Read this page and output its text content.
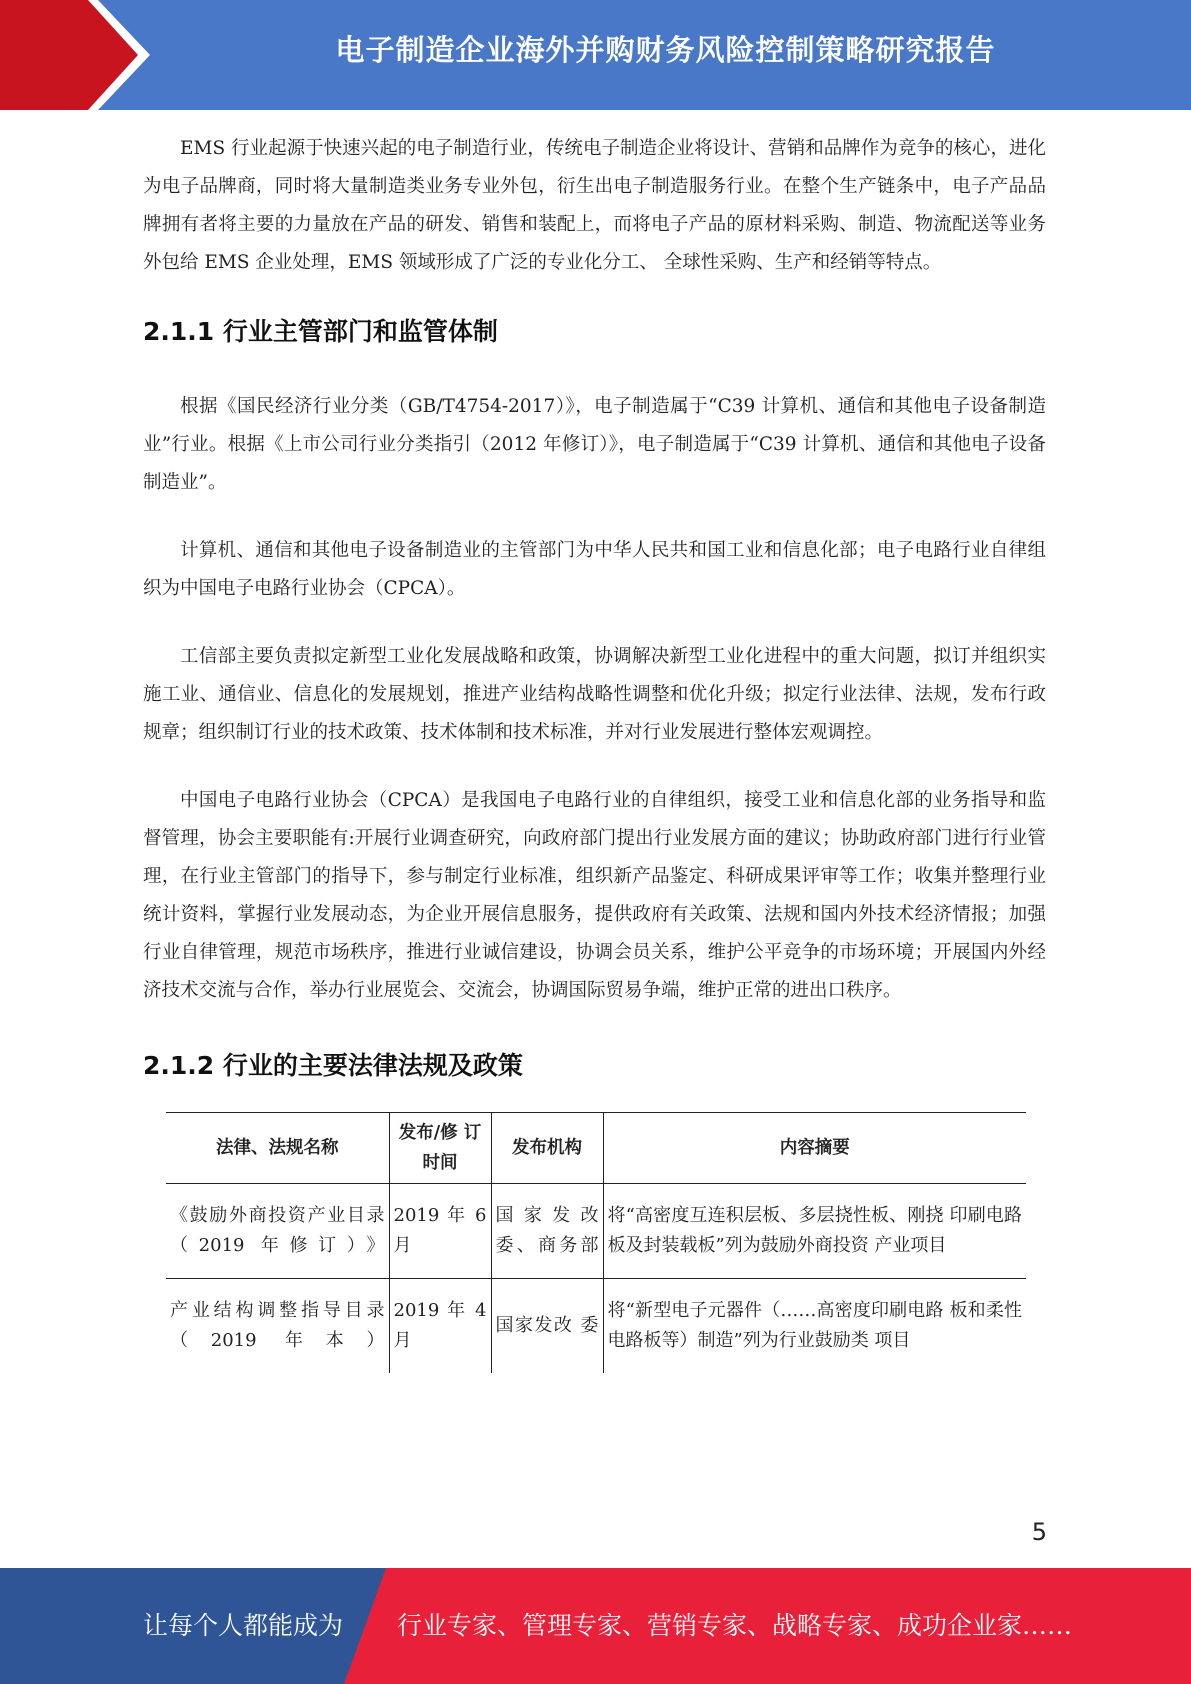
电子制造企业海外并购财务风险控制策略研究报告

EMS 行业起源于快速兴起的电子制造行业，传统电子制造企业将设计、营销和品牌作为竞争的核心，进化为电子品牌商，同时将大量制造类业务专业外包，衍生出电子制造服务行业。在整个生产链条中，电子产品品牌拥有者将主要的力量放在产品的研发、销售和装配上，而将电子产品的原材料采购、制造、物流配送等业务外包给 EMS 企业处理，EMS 领域形成了广泛的专业化分工、 全球性采购、生产和经销等特点。

2.1.1 行业主管部门和监管体制

根据《国民经济行业分类（GB/T4754-2017）》，电子制造属于“C39 计算机、通信和其他电子设备制造业”行业。根据《上市公司行业分类指引（2012 年修订）》，电子制造属于“C39 计算机、通信和其他电子设备制造业”。

计算机、通信和其他电子设备制造业的主管部门为中华人民共和国工业和信息化部；电子电路行业自律组织为中国电子电路行业协会（CPCA）。

工信部主要负责拟定新型工业化发展战略和政策，协调解决新型工业化进程中的重大问题，拟订并组织实施工业、通信业、信息化的发展规划，推进产业结构战略性调整和优化升级；拟定行业法律、法规，发布行政规章；组织制订行业的技术政策、技术体制和技术标准，并对行业发展进行整体宏观调控。

中国电子电路行业协会（CPCA）是我国电子电路行业的自律组织，接受工业和信息化部的业务指导和监督管理，协会主要职能有:开展行业调查研究，向政府部门提出行业发展方面的建议；协助政府部门进行行业管理，在行业主管部门的指导下，参与制定行业标准，组织新产品鉴定、科研成果评审等工作；收集并整理行业统计资料，掌握行业发展动态，为企业开展信息服务，提供政府有关政策、法规和国内外技术经济情报；加强行业自律管理，规范市场秩序，推进行业诚信建设，协调会员关系，维护公平竞争的市场环境；开展国内外经济技术交流与合作，举办行业展览会、交流会，协调国际贸易争端，维护正常的进出口秩序。

2.1.2 行业的主要法律法规及政策
法律、法规名称	发布/修 订时间	发布机构	内容摘要
《鼓励外商投资产业目录（2019 年修订）》	2019 年 6 月	国家发改委、商务部	将“高密度互连积层板、多层挠性板、刚挠 印刷电路板及封装载板”列为鼓励外商投资 产业项目
产业结构调整指导目录（2019 年本）	2019 年 4 月	国家发改 委	将“新型电子元器件（……高密度印刷电路 板和柔性电路板等）制造”列为行业鼓励类 项目
5
让每个人都能成为 行业专家、管理专家、营销专家、战略专家、成功企业家……
